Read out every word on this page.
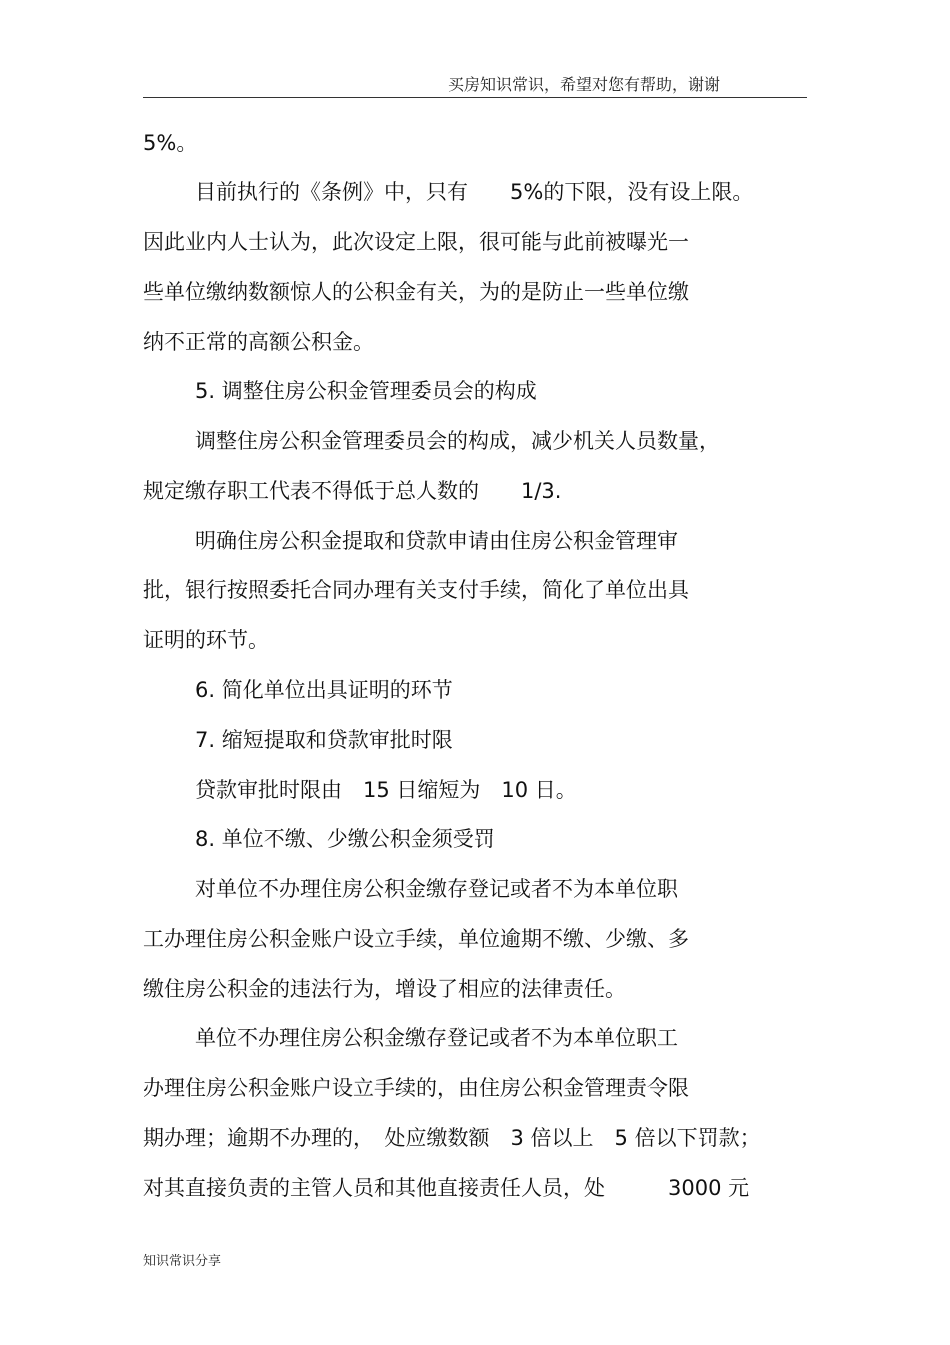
买房知识常识，希望对您有帮助，谢谢
5%。
目前执行的《条例》中，只有　　5%的下限，没有设上限。
因此业内人士认为，此次设定上限，很可能与此前被曝光一
些单位缴纳数额惊人的公积金有关，为的是防止一些单位缴
纳不正常的高额公积金。
5. 调整住房公积金管理委员会的构成
调整住房公积金管理委员会的构成，减少机关人员数量，
规定缴存职工代表不得低于总人数的　　1/3.
明确住房公积金提取和贷款申请由住房公积金管理审
批，银行按照委托合同办理有关支付手续，简化了单位出具
证明的环节。
6. 简化单位出具证明的环节
7. 缩短提取和贷款审批时限
贷款审批时限由　15 日缩短为　10 日。
8. 单位不缴、少缴公积金须受罚
对单位不办理住房公积金缴存登记或者不为本单位职
工办理住房公积金账户设立手续，单位逾期不缴、少缴、多
缴住房公积金的违法行为，增设了相应的法律责任。
单位不办理住房公积金缴存登记或者不为本单位职工
办理住房公积金账户设立手续的，由住房公积金管理责令限
期办理；逾期不办理的，　处应缴数额　3 倍以上　5 倍以下罚款；
对其直接负责的主管人员和其他直接责任人员，处　　　3000 元
知识常识分享
